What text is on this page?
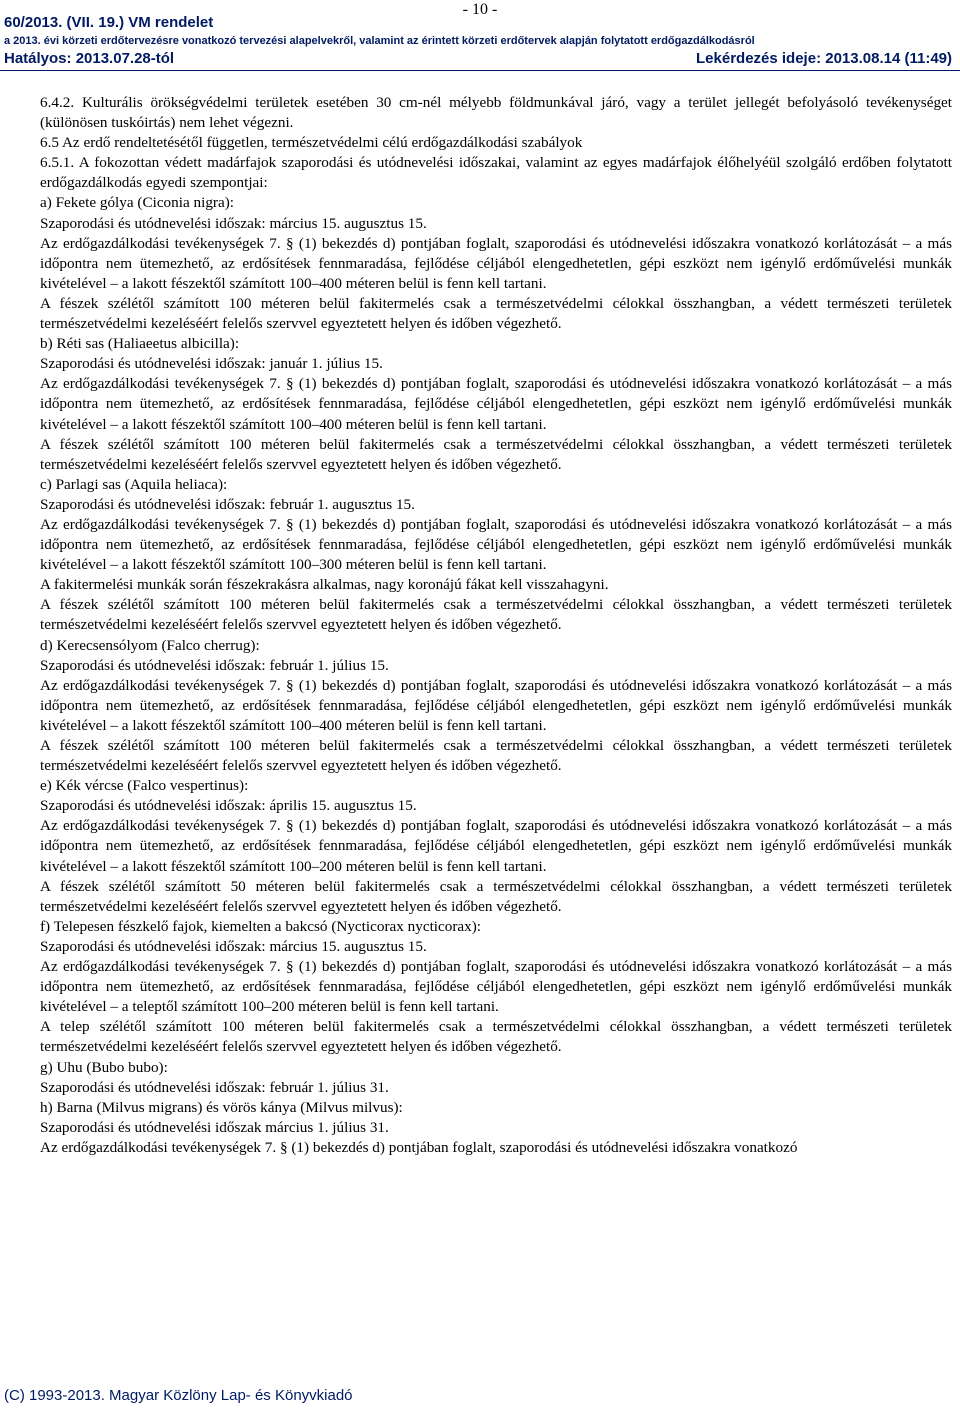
- 10 -
60/2013. (VII. 19.) VM rendelet
a 2013. évi körzeti erdőtervezésre vonatkozó tervezési alapelvekről, valamint az érintett körzeti erdőtervek alapján folytatott erdőgazdálkodásról
Hatályos: 2013.07.28-tól	Lekérdezés ideje: 2013.08.14 (11:49)

6.4.2. Kulturális örökségvédelmi területek esetében 30 cm-nél mélyebb földmunkával járó, vagy a terület jellegét befolyásoló tevékenységet (különösen tuskóirtás) nem lehet végezni.

6.5 Az erdő rendeltetésétől független, természetvédelmi célú erdőgazdálkodási szabályok

6.5.1. A fokozottan védett madárfajok szaporodási és utódnevelési időszakai, valamint az egyes madárfajok élőhelyéül szolgáló erdőben folytatott erdőgazdálkodás egyedi szempontjai:

a) Fekete gólya (Ciconia nigra):

Szaporodási és utódnevelési időszak: március 15. augusztus 15.

Az erdőgazdálkodási tevékenységek 7. § (1) bekezdés d) pontjában foglalt, szaporodási és utódnevelési időszakra vonatkozó korlátozását – a más időpontra nem ütemezhető, az erdősítések fennmaradása, fejlődése céljából elengedhetetlen, gépi eszközt nem igénylő erdőművelési munkák kivételével – a lakott fészektől számított 100–400 méteren belül is fenn kell tartani.

A fészek szélétől számított 100 méteren belül fakitermelés csak a természetvédelmi célokkal összhangban, a védett természeti területek természetvédelmi kezeléséért felelős szervvel egyeztetett helyen és időben végezhető.

b) Réti sas (Haliaeetus albicilla):

Szaporodási és utódnevelési időszak: január 1. július 15.

Az erdőgazdálkodási tevékenységek 7. § (1) bekezdés d) pontjában foglalt, szaporodási és utódnevelési időszakra vonatkozó korlátozását – a más időpontra nem ütemezhető, az erdősítések fennmaradása, fejlődése céljából elengedhetetlen, gépi eszközt nem igénylő erdőművelési munkák kivételével – a lakott fészektől számított 100–400 méteren belül is fenn kell tartani.

A fészek szélétől számított 100 méteren belül fakitermelés csak a természetvédelmi célokkal összhangban, a védett természeti területek természetvédelmi kezeléséért felelős szervvel egyeztetett helyen és időben végezhető.

c) Parlagi sas (Aquila heliaca):

Szaporodási és utódnevelési időszak: február 1. augusztus 15.

Az erdőgazdálkodási tevékenységek 7. § (1) bekezdés d) pontjában foglalt, szaporodási és utódnevelési időszakra vonatkozó korlátozását – a más időpontra nem ütemezhető, az erdősítések fennmaradása, fejlődése céljából elengedhetetlen, gépi eszközt nem igénylő erdőművelési munkák kivételével – a lakott fészektől számított 100–300 méteren belül is fenn kell tartani.

A fakitermelési munkák során fészekrakásra alkalmas, nagy koronájú fákat kell visszahagyni.

A fészek szélétől számított 100 méteren belül fakitermelés csak a természetvédelmi célokkal összhangban, a védett természeti területek természetvédelmi kezeléséért felelős szervvel egyeztetett helyen és időben végezhető.

d) Kerecsensólyom (Falco cherrug):

Szaporodási és utódnevelési időszak: február 1. július 15.

Az erdőgazdálkodási tevékenységek 7. § (1) bekezdés d) pontjában foglalt, szaporodási és utódnevelési időszakra vonatkozó korlátozását – a más időpontra nem ütemezhető, az erdősítések fennmaradása, fejlődése céljából elengedhetetlen, gépi eszközt nem igénylő erdőművelési munkák kivételével – a lakott fészektől számított 100–400 méteren belül is fenn kell tartani.

A fészek szélétől számított 100 méteren belül fakitermelés csak a természetvédelmi célokkal összhangban, a védett természeti területek természetvédelmi kezeléséért felelős szervvel egyeztetett helyen és időben végezhető.

e) Kék vércse (Falco vespertinus):

Szaporodási és utódnevelési időszak: április 15. augusztus 15.

Az erdőgazdálkodási tevékenységek 7. § (1) bekezdés d) pontjában foglalt, szaporodási és utódnevelési időszakra vonatkozó korlátozását – a más időpontra nem ütemezhető, az erdősítések fennmaradása, fejlődése céljából elengedhetetlen, gépi eszközt nem igénylő erdőművelési munkák kivételével – a lakott fészektől számított 100–200 méteren belül is fenn kell tartani.

A fészek szélétől számított 50 méteren belül fakitermelés csak a természetvédelmi célokkal összhangban, a védett természeti területek természetvédelmi kezeléséért felelős szervvel egyeztetett helyen és időben végezhető.

f) Telepesen fészkelő fajok, kiemelten a bakcsó (Nycticorax nycticorax):

Szaporodási és utódnevelési időszak: március 15. augusztus 15.

Az erdőgazdálkodási tevékenységek 7. § (1) bekezdés d) pontjában foglalt, szaporodási és utódnevelési időszakra vonatkozó korlátozását – a más időpontra nem ütemezhető, az erdősítések fennmaradása, fejlődése céljából elengedhetetlen, gépi eszközt nem igénylő erdőművelési munkák kivételével – a teleptől számított 100–200 méteren belül is fenn kell tartani.

A telep szélétől számított 100 méteren belül fakitermelés csak a természetvédelmi célokkal összhangban, a védett természeti területek természetvédelmi kezeléséért felelős szervvel egyeztetett helyen és időben végezhető.

g) Uhu (Bubo bubo):

Szaporodási és utódnevelési időszak: február 1. július 31.

h) Barna (Milvus migrans) és vörös kánya (Milvus milvus):

Szaporodási és utódnevelési időszak március 1. július 31.

Az erdőgazdálkodási tevékenységek 7. § (1) bekezdés d) pontjában foglalt, szaporodási és utódnevelési időszakra vonatkozó

(C) 1993-2013. Magyar Közlöny Lap- és Könyvkiadó
